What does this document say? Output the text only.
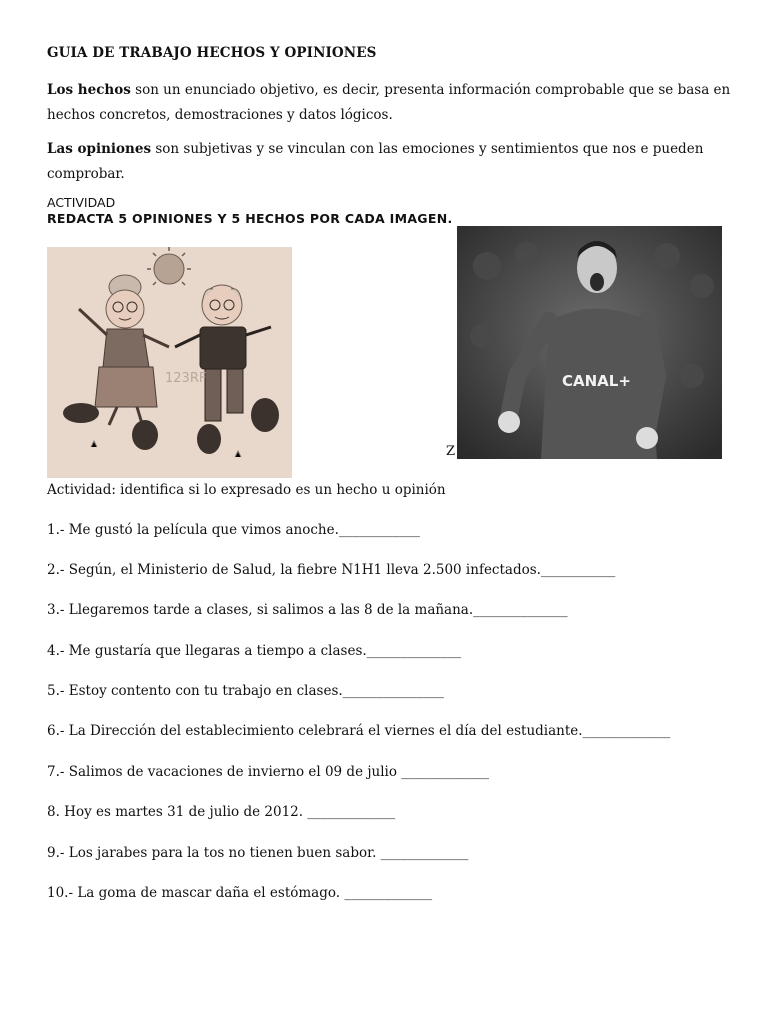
GUIA DE TRABAJO HECHOS Y OPINIONES
Los hechos son un enunciado objetivo, es decir, presenta información comprobable que se basa en hechos concretos, demostraciones y datos lógicos.
Las opiniones son subjetivas y se vinculan con las emociones y sentimientos que nos e pueden comprobar.
ACTIVIDAD
REDACTA 5 OPINIONES Y 5 HECHOS POR CADA IMAGEN.
123RF	CANAL+
Z
Actividad: identifica si lo expresado es un hecho u opinión
1.- Me gustó la película que vimos anoche.____________
2.- Según, el Ministerio de Salud, la fiebre N1H1 lleva 2.500 infectados.___________
3.- Llegaremos tarde a clases, si salimos a las 8 de la mañana.______________
4.- Me gustaría que llegaras a tiempo a clases.______________
5.- Estoy contento con tu trabajo en clases._______________
6.- La Dirección del establecimiento celebrará el viernes el día del estudiante._____________
7.- Salimos de vacaciones de invierno el 09 de julio _____________
8. Hoy es martes 31 de julio de 2012. _____________
9.- Los jarabes para la tos no tienen buen sabor. _____________
10.- La goma de mascar daña el estómago. _____________
